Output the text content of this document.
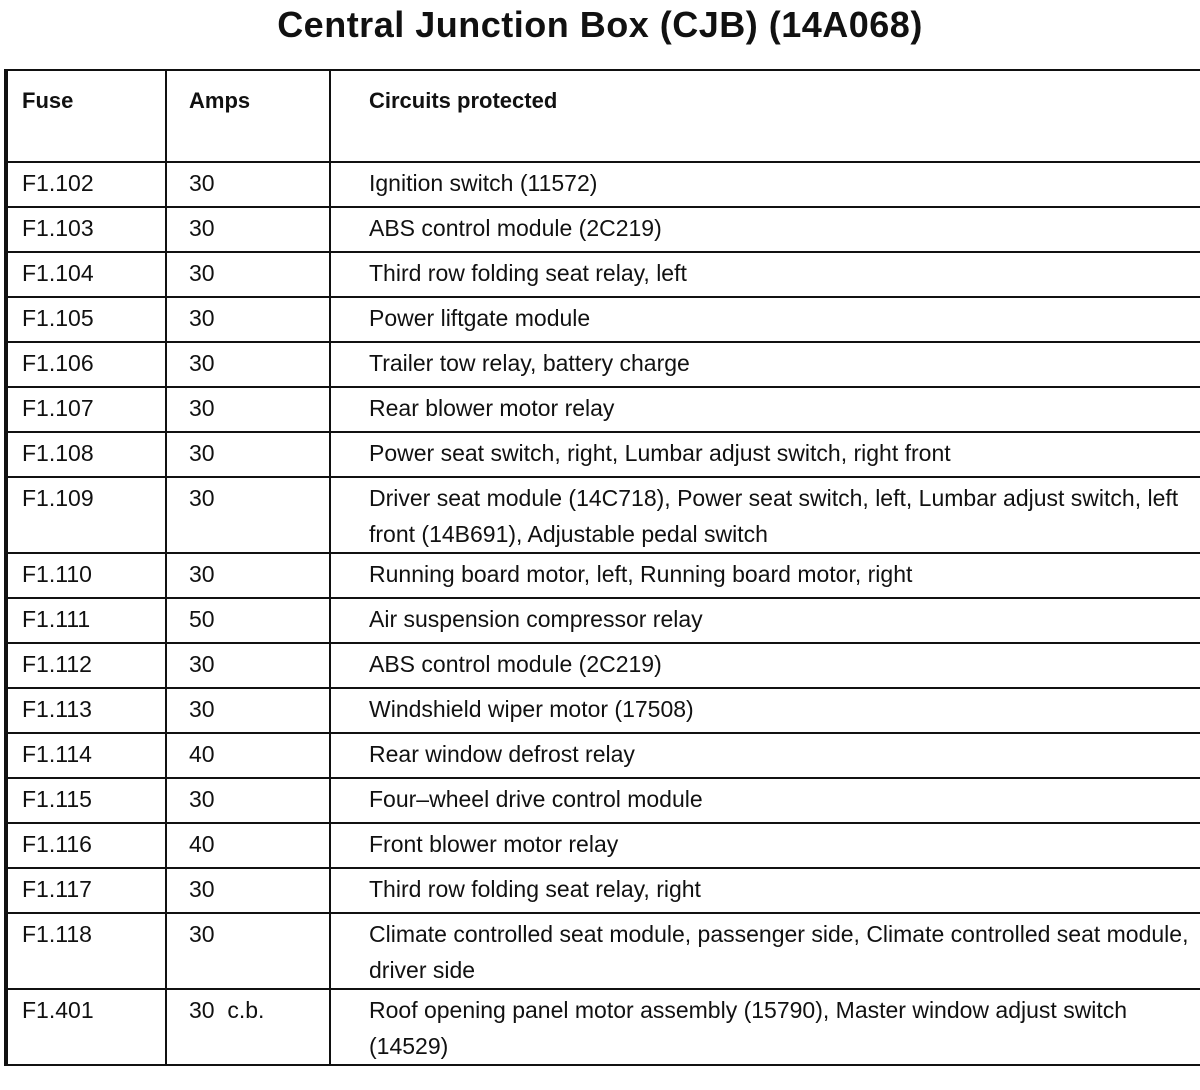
Central Junction Box (CJB) (14A068)
Fuse	Amps	Circuits protected
F1.102	30	Ignition switch (11572)
F1.103	30	ABS control module (2C219)
F1.104	30	Third row folding seat relay, left
F1.105	30	Power liftgate module
F1.106	30	Trailer tow relay, battery charge
F1.107	30	Rear blower motor relay
F1.108	30	Power seat switch, right, Lumbar adjust switch, right front
F1.109	30	Driver seat module (14C718), Power seat switch, left, Lumbar adjust switch, left front (14B691), Adjustable pedal switch
F1.110	30	Running board motor, left, Running board motor, right
F1.111	50	Air suspension compressor relay
F1.112	30	ABS control module (2C219)
F1.113	30	Windshield wiper motor (17508)
F1.114	40	Rear window defrost relay
F1.115	30	Four–wheel drive control module
F1.116	40	Front blower motor relay
F1.117	30	Third row folding seat relay, right
F1.118	30	Climate controlled seat module, passenger side, Climate controlled seat module, driver side
F1.401	30  c.b.	Roof opening panel motor assembly (15790), Master window adjust switch (14529)
